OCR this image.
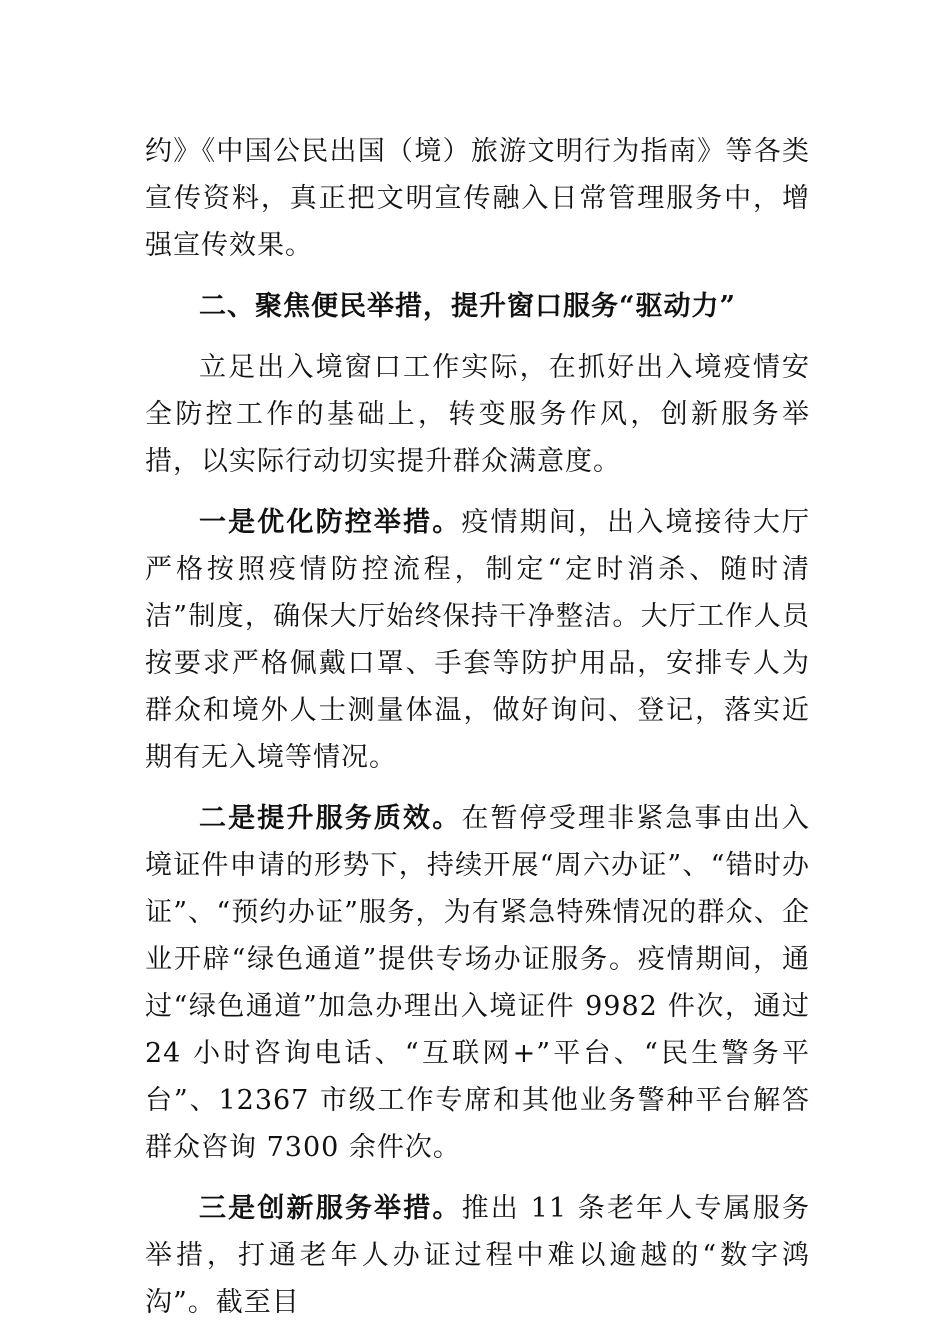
约》《中国公民出国（境）旅游文明行为指南》等各类宣传资料，真正把文明宣传融入日常管理服务中，增强宣传效果。

二、聚焦便民举措，提升窗口服务“驱动力”

立足出入境窗口工作实际，在抓好出入境疫情安全防控工作的基础上，转变服务作风，创新服务举措，以实际行动切实提升群众满意度。

一是优化防控举措。疫情期间，出入境接待大厅严格按照疫情防控流程，制定“定时消杀、随时清洁”制度，确保大厅始终保持干净整洁。大厅工作人员按要求严格佩戴口罩、手套等防护用品，安排专人为群众和境外人士测量体温，做好询问、登记，落实近期有无入境等情况。

二是提升服务质效。在暂停受理非紧急事由出入境证件申请的形势下，持续开展“周六办证”、“错时办证”、“预约办证”服务，为有紧急特殊情况的群众、企业开辟“绿色通道”提供专场办证服务。疫情期间，通过“绿色通道”加急办理出入境证件 9982 件次，通过 24 小时咨询电话、“互联网+”平台、“民生警务平台”、12367 市级工作专席和其他业务警种平台解答群众咨询 7300 余件次。

三是创新服务举措。推出 11 条老年人专属服务举措，打通老年人办证过程中难以逾越的“数字鸿沟”。截至目
